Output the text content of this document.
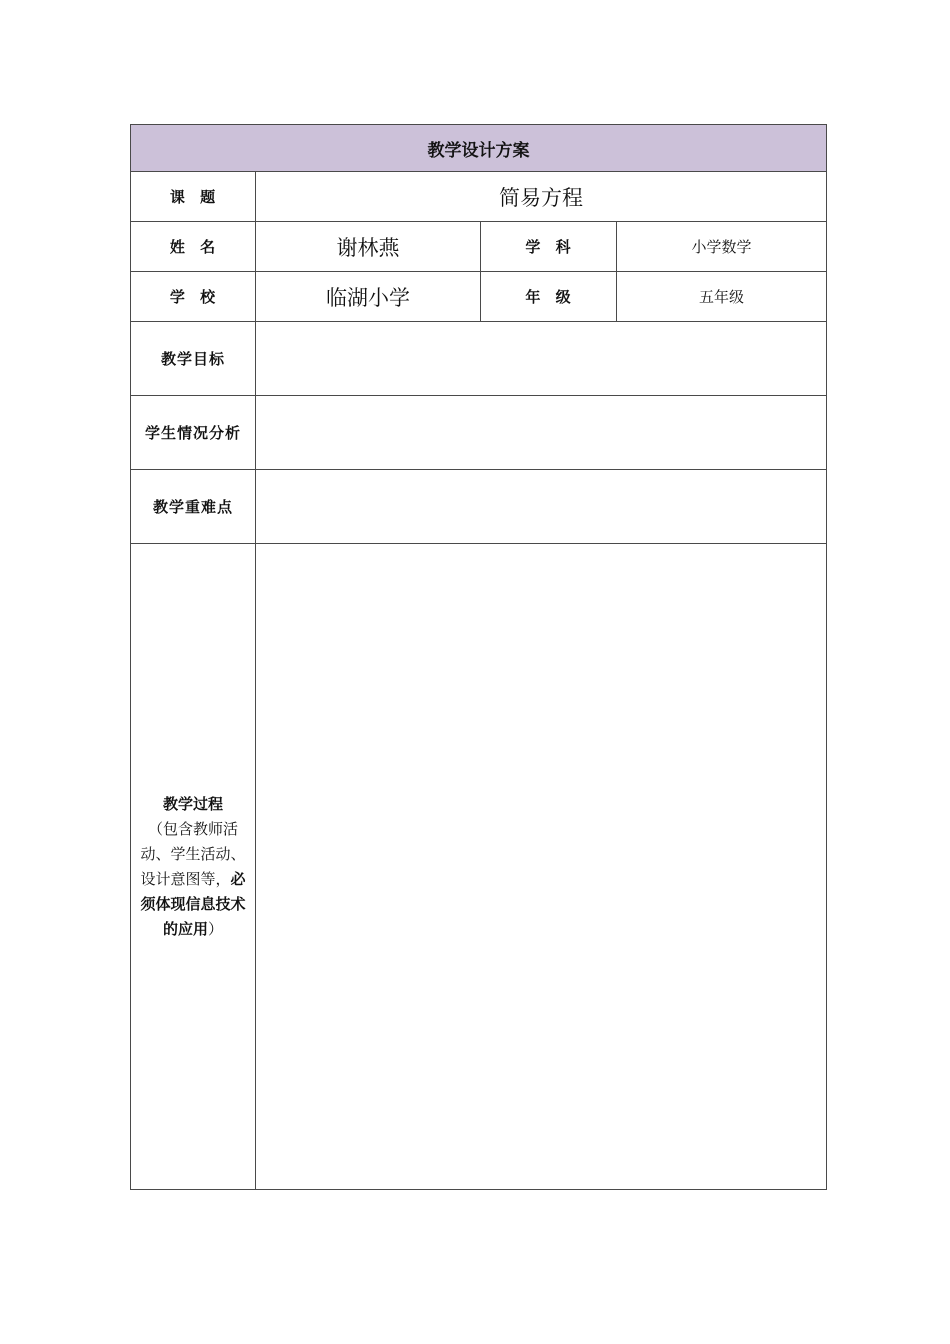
教学设计方案			
课 题	简易方程		
姓 名	谢林燕	学 科	小学数学
学 校	临湖小学	年 级	五年级
教学目标			
学生情况分析			
教学重难点			
教学过程
（包含教师活动、学生活动、设计意图等，必须体现信息技术的应用）			
